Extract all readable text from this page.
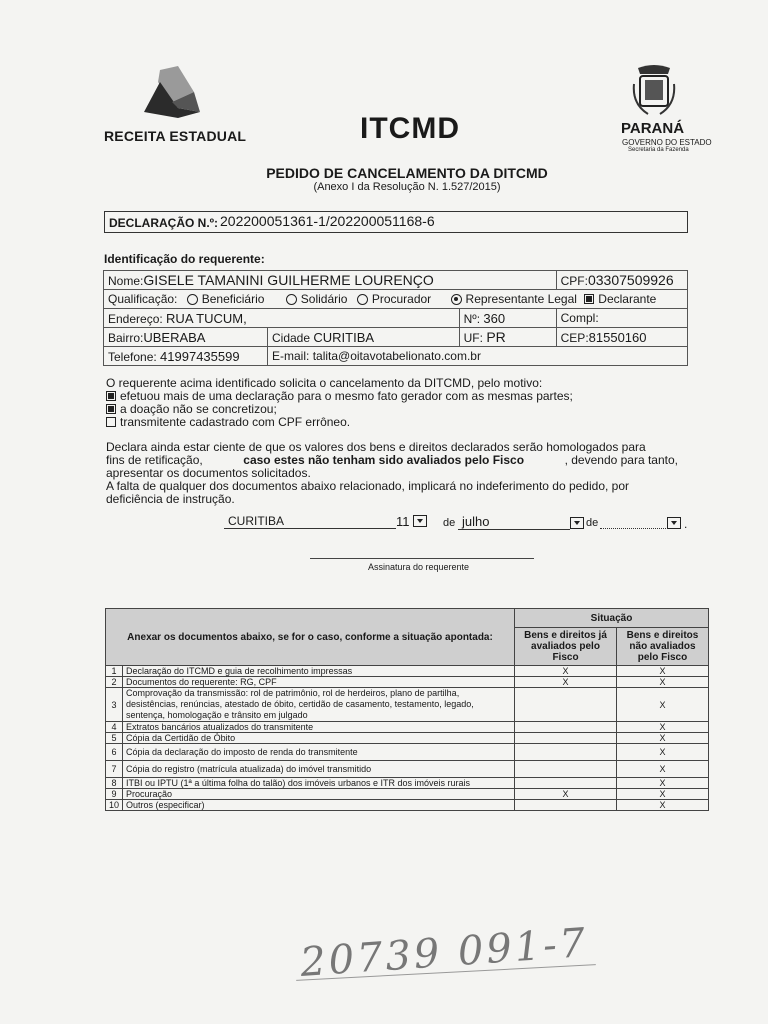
RECEITA ESTADUAL	ITCMD	PARANÁ
GOVERNO DO ESTADO
Secretaria da Fazenda
PEDIDO DE CANCELAMENTO DA DITCMD
(Anexo I da Resolução N. 1.527/2015)
DECLARAÇÃO N.º: 202200051361-1/202200051168-6
Identificação do requerente:
Nome:GISELE TAMANINI GUILHERME LOURENÇO			CPF:03307509926
Qualificação: Beneficiário Solidário Procurador Representante Legal Declarante			
Endereço: RUA TUCUM,		Nº: 360	Compl:
Bairro:UBERABA	Cidade CURITIBA	UF: PR	CEP:81550160
Telefone: 41997435599	E-mail: talita@oitavotabelionato.com.br		
O requerente acima identificado solicita o cancelamento da DITCMD, pelo motivo:
efetuou mais de uma declaração para o mesmo fato gerador com as mesmas partes;
a doação não se concretizou;
transmitente cadastrado com CPF errôneo.
Declara ainda estar ciente de que os valores dos bens e direitos declarados serão homologados para
fins de retificação,	caso estes não tenham sido avaliados pelo Fisco	, devendo para tanto,
apresentar os documentos solicitados.
A falta de qualquer dos documentos abaixo relacionado, implicará no indeferimento do pedido, por
deficiência de instrução.
CURITIBA	11	de julho	de	.
Assinatura do requerente
Anexar os documentos abaixo, se for o caso, conforme a situação apontada:		Situação	
		Bens e direitos já avaliados pelo Fisco	Bens e direitos não avaliados pelo Fisco
1	Declaração do ITCMD e guia de recolhimento impressas	X	X
2	Documentos do requerente: RG, CPF	X	X
3	Comprovação da transmissão: rol de patrimônio, rol de herdeiros, plano de partilha, desistências, renúncias, atestado de óbito, certidão de casamento, testamento, legado, sentença, homologação e trânsito em julgado		X
4	Extratos bancários atualizados do transmitente		X
5	Cópia da Certidão de Óbito		X
6	Cópia da declaração do imposto de renda do transmitente		X
7	Cópia do registro (matrícula atualizada) do imóvel transmitido		X
8	ITBI ou IPTU (1ª a última folha do talão) dos imóveis urbanos e ITR dos imóveis rurais		X
9	Procuração	X	X
10	Outros (especificar)		X
20739 091-7
